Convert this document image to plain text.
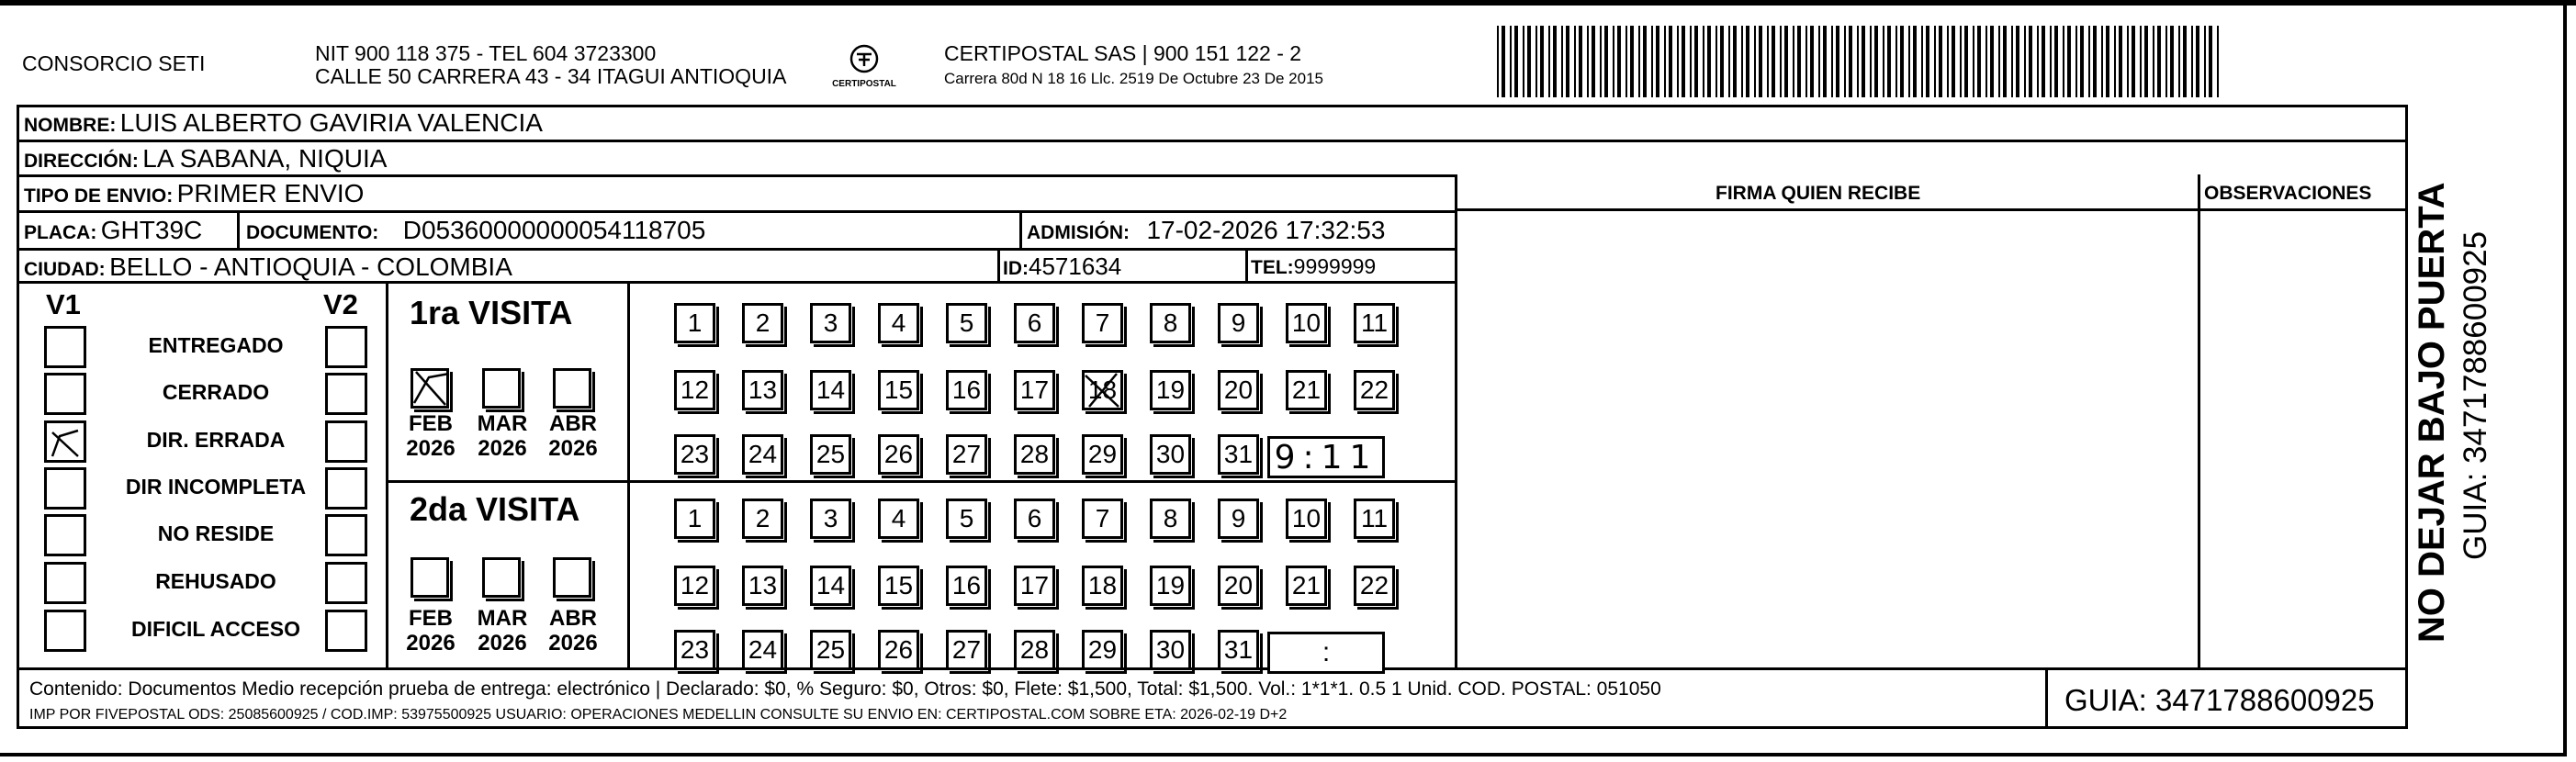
CONSORCIO SETI	NIT 900 118 375 - TEL 604 3723300
CALLE 50 CARRERA 43 - 34 ITAGUI ANTIOQUIA	CERTIPOSTAL
CERTIPOSTAL SAS | 900 151 122 - 2
Carrera 80d N 18 16 Llc. 2519 De Octubre 23 De 2015
NOMBRE: LUIS ALBERTO GAVIRIA VALENCIA
DIRECCIÓN: LA SABANA, NIQUIA
TIPO DE ENVIO: PRIMER ENVIO
PLACA: GHT39C DOCUMENTO: D05360000000054118705	ADMISIÓN: 17-02-2026 17:32:53
CIUDAD: BELLO - ANTIOQUIA - COLOMBIA	ID:4571634	TEL:9999999
FIRMA QUIEN RECIBE	OBSERVACIONES
V1	V2
ENTREGADO
CERRADO
DIR. ERRADA
DIR INCOMPLETA
NO RESIDE
REHUSADO
DIFICIL ACCESO
1ra VISITA
2da VISITA
1	2	3	4	5	6	7	8	9	10 11
12 13 14 15 16 17 18 19 20 21 22
23 24 25 26 27 28 29 30 31 9:11
FEB
2026
MAR
2026
ABR
2026
1	2	3	4	5	6	7	8	9	10 11
12 13 14 15 16 17 18 19 20 21 22
23 24 25 26 27 28 29 30 31	:
FEB
2026
MAR
2026
ABR
2026
NO DEJAR BAJO PUERTA GUIA: 3471788600925
Contenido: Documentos Medio recepción prueba de entrega: electrónico | Declarado: $0, % Seguro: $0, Otros: $0, Flete: $1,500, Total: $1,500. Vol.: 1*1*1. 0.5 1 Unid. COD. POSTAL: 051050
IMP POR FIVEPOSTAL ODS: 25085600925 / COD.IMP: 53975500925 USUARIO: OPERACIONES MEDELLIN CONSULTE SU ENVIO EN: CERTIPOSTAL.COM SOBRE ETA: 2026-02-19 D+2	GUIA: 3471788600925
